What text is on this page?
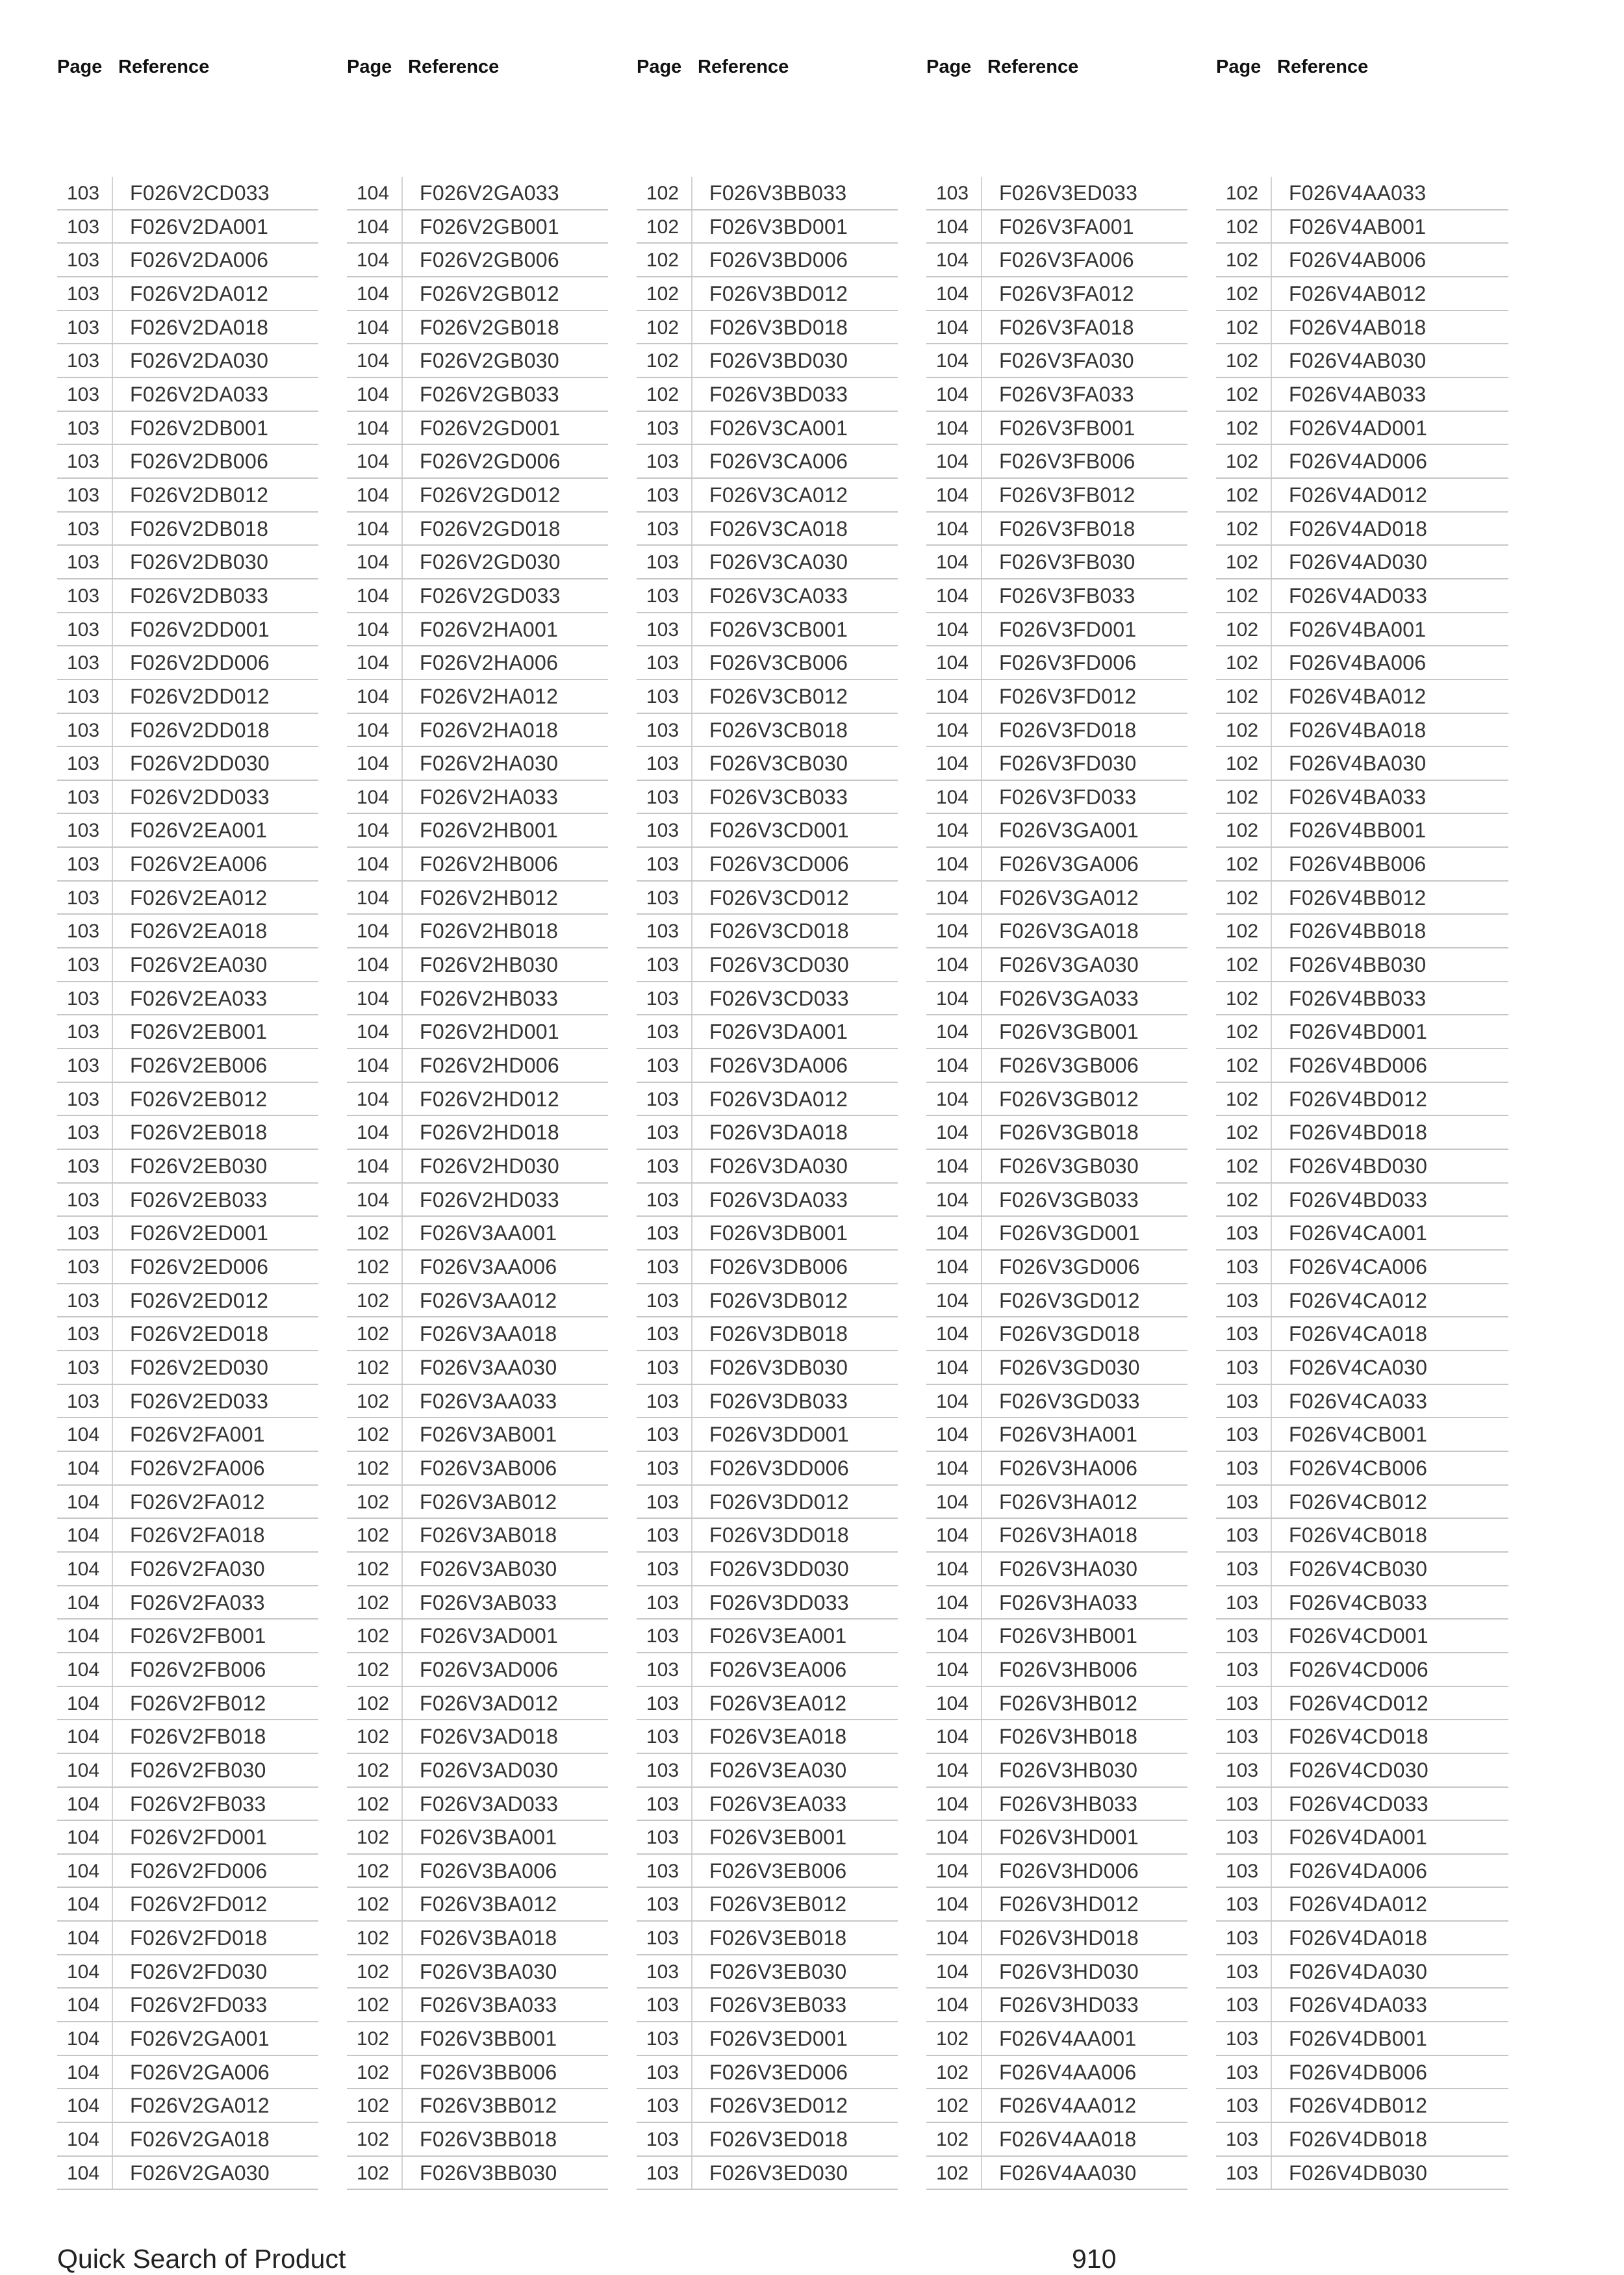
Page Reference
103	F026V2CD033
103	F026V2DA001
103	F026V2DA006
103	F026V2DA012
103	F026V2DA018
103	F026V2DA030
103	F026V2DA033
103	F026V2DB001
103	F026V2DB006
103	F026V2DB012
103	F026V2DB018
103	F026V2DB030
103	F026V2DB033
103	F026V2DD001
103	F026V2DD006
103	F026V2DD012
103	F026V2DD018
103	F026V2DD030
103	F026V2DD033
103	F026V2EA001
103	F026V2EA006
103	F026V2EA012
103	F026V2EA018
103	F026V2EA030
103	F026V2EA033
103	F026V2EB001
103	F026V2EB006
103	F026V2EB012
103	F026V2EB018
103	F026V2EB030
103	F026V2EB033
103	F026V2ED001
103	F026V2ED006
103	F026V2ED012
103	F026V2ED018
103	F026V2ED030
103	F026V2ED033
104	F026V2FA001
104	F026V2FA006
104	F026V2FA012
104	F026V2FA018
104	F026V2FA030
104	F026V2FA033
104	F026V2FB001
104	F026V2FB006
104	F026V2FB012
104	F026V2FB018
104	F026V2FB030
104	F026V2FB033
104	F026V2FD001
104	F026V2FD006
104	F026V2FD012
104	F026V2FD018
104	F026V2FD030
104	F026V2FD033
104	F026V2GA001
104	F026V2GA006
104	F026V2GA012
104	F026V2GA018
104	F026V2GA030
Page Reference
104	F026V2GA033
104	F026V2GB001
104	F026V2GB006
104	F026V2GB012
104	F026V2GB018
104	F026V2GB030
104	F026V2GB033
104	F026V2GD001
104	F026V2GD006
104	F026V2GD012
104	F026V2GD018
104	F026V2GD030
104	F026V2GD033
104	F026V2HA001
104	F026V2HA006
104	F026V2HA012
104	F026V2HA018
104	F026V2HA030
104	F026V2HA033
104	F026V2HB001
104	F026V2HB006
104	F026V2HB012
104	F026V2HB018
104	F026V2HB030
104	F026V2HB033
104	F026V2HD001
104	F026V2HD006
104	F026V2HD012
104	F026V2HD018
104	F026V2HD030
104	F026V2HD033
102	F026V3AA001
102	F026V3AA006
102	F026V3AA012
102	F026V3AA018
102	F026V3AA030
102	F026V3AA033
102	F026V3AB001
102	F026V3AB006
102	F026V3AB012
102	F026V3AB018
102	F026V3AB030
102	F026V3AB033
102	F026V3AD001
102	F026V3AD006
102	F026V3AD012
102	F026V3AD018
102	F026V3AD030
102	F026V3AD033
102	F026V3BA001
102	F026V3BA006
102	F026V3BA012
102	F026V3BA018
102	F026V3BA030
102	F026V3BA033
102	F026V3BB001
102	F026V3BB006
102	F026V3BB012
102	F026V3BB018
102	F026V3BB030
Page Reference
102	F026V3BB033
102	F026V3BD001
102	F026V3BD006
102	F026V3BD012
102	F026V3BD018
102	F026V3BD030
102	F026V3BD033
103	F026V3CA001
103	F026V3CA006
103	F026V3CA012
103	F026V3CA018
103	F026V3CA030
103	F026V3CA033
103	F026V3CB001
103	F026V3CB006
103	F026V3CB012
103	F026V3CB018
103	F026V3CB030
103	F026V3CB033
103	F026V3CD001
103	F026V3CD006
103	F026V3CD012
103	F026V3CD018
103	F026V3CD030
103	F026V3CD033
103	F026V3DA001
103	F026V3DA006
103	F026V3DA012
103	F026V3DA018
103	F026V3DA030
103	F026V3DA033
103	F026V3DB001
103	F026V3DB006
103	F026V3DB012
103	F026V3DB018
103	F026V3DB030
103	F026V3DB033
103	F026V3DD001
103	F026V3DD006
103	F026V3DD012
103	F026V3DD018
103	F026V3DD030
103	F026V3DD033
103	F026V3EA001
103	F026V3EA006
103	F026V3EA012
103	F026V3EA018
103	F026V3EA030
103	F026V3EA033
103	F026V3EB001
103	F026V3EB006
103	F026V3EB012
103	F026V3EB018
103	F026V3EB030
103	F026V3EB033
103	F026V3ED001
103	F026V3ED006
103	F026V3ED012
103	F026V3ED018
103	F026V3ED030
Page Reference
103	F026V3ED033
104	F026V3FA001
104	F026V3FA006
104	F026V3FA012
104	F026V3FA018
104	F026V3FA030
104	F026V3FA033
104	F026V3FB001
104	F026V3FB006
104	F026V3FB012
104	F026V3FB018
104	F026V3FB030
104	F026V3FB033
104	F026V3FD001
104	F026V3FD006
104	F026V3FD012
104	F026V3FD018
104	F026V3FD030
104	F026V3FD033
104	F026V3GA001
104	F026V3GA006
104	F026V3GA012
104	F026V3GA018
104	F026V3GA030
104	F026V3GA033
104	F026V3GB001
104	F026V3GB006
104	F026V3GB012
104	F026V3GB018
104	F026V3GB030
104	F026V3GB033
104	F026V3GD001
104	F026V3GD006
104	F026V3GD012
104	F026V3GD018
104	F026V3GD030
104	F026V3GD033
104	F026V3HA001
104	F026V3HA006
104	F026V3HA012
104	F026V3HA018
104	F026V3HA030
104	F026V3HA033
104	F026V3HB001
104	F026V3HB006
104	F026V3HB012
104	F026V3HB018
104	F026V3HB030
104	F026V3HB033
104	F026V3HD001
104	F026V3HD006
104	F026V3HD012
104	F026V3HD018
104	F026V3HD030
104	F026V3HD033
102	F026V4AA001
102	F026V4AA006
102	F026V4AA012
102	F026V4AA018
102	F026V4AA030
Page Reference
102	F026V4AA033
102	F026V4AB001
102	F026V4AB006
102	F026V4AB012
102	F026V4AB018
102	F026V4AB030
102	F026V4AB033
102	F026V4AD001
102	F026V4AD006
102	F026V4AD012
102	F026V4AD018
102	F026V4AD030
102	F026V4AD033
102	F026V4BA001
102	F026V4BA006
102	F026V4BA012
102	F026V4BA018
102	F026V4BA030
102	F026V4BA033
102	F026V4BB001
102	F026V4BB006
102	F026V4BB012
102	F026V4BB018
102	F026V4BB030
102	F026V4BB033
102	F026V4BD001
102	F026V4BD006
102	F026V4BD012
102	F026V4BD018
102	F026V4BD030
102	F026V4BD033
103	F026V4CA001
103	F026V4CA006
103	F026V4CA012
103	F026V4CA018
103	F026V4CA030
103	F026V4CA033
103	F026V4CB001
103	F026V4CB006
103	F026V4CB012
103	F026V4CB018
103	F026V4CB030
103	F026V4CB033
103	F026V4CD001
103	F026V4CD006
103	F026V4CD012
103	F026V4CD018
103	F026V4CD030
103	F026V4CD033
103	F026V4DA001
103	F026V4DA006
103	F026V4DA012
103	F026V4DA018
103	F026V4DA030
103	F026V4DA033
103	F026V4DB001
103	F026V4DB006
103	F026V4DB012
103	F026V4DB018
103	F026V4DB030
Quick Search of Product	910
